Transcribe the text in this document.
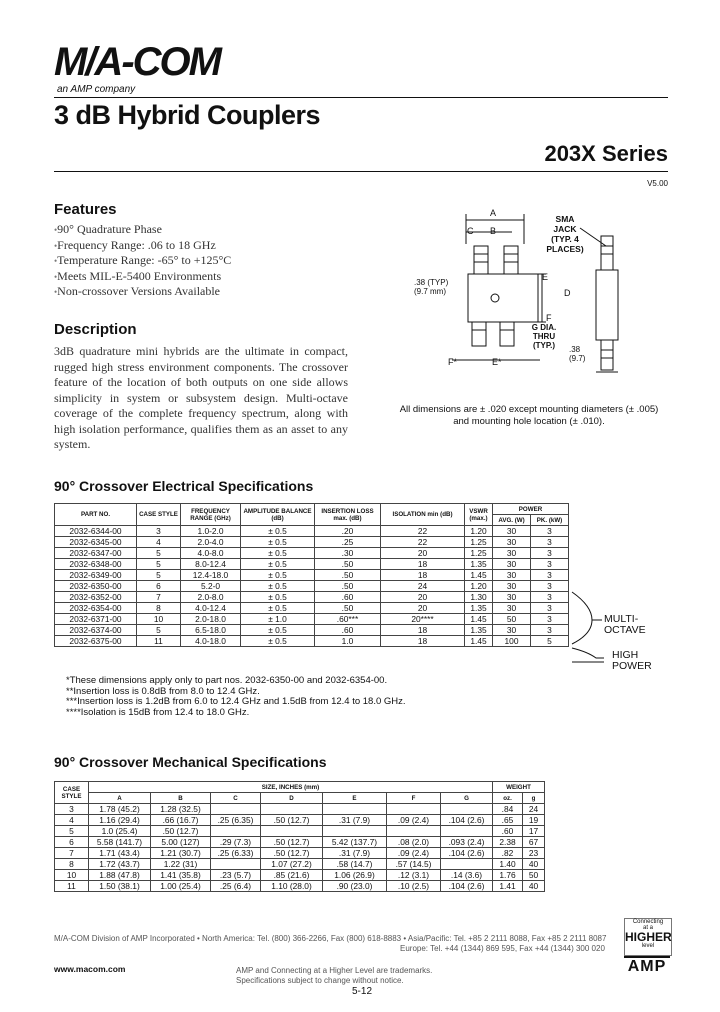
M/A-COM
an AMP company
3 dB Hybrid Couplers
203X Series
V5.00
Features
• 90° Quadrature Phase
• Frequency Range: .06 to 18 GHz
• Temperature Range: -65° to +125°C
• Meets MIL-E-5400 Environments
• Non-crossover Versions Available
Description
3dB quadrature mini hybrids are the ultimate in compact, rugged high stress environment components. The crossover feature of the location of both outputs on one side allows simplicity in system or subsystem design. Multi-octave coverage of the complete frequency spectrum, along with high isolation performance, qualifies them as an asset to any system.
A
C B
SMA
JACK
(TYP. 4
PLACES)
.38 (TYP)
(9.7 mm)
E
D
F
G DIA.
THRU
(TYP.)
F*	E*
.38
(9.7)
All dimensions are ± .020 except mounting diameters (± .005) and mounting hole location (± .010).
90° Crossover Electrical Specifications
PART NO.	CASE STYLE	FREQUENCY RANGE (GHz)	AMPLITUDE BALANCE (dB)	INSERTION LOSS max. (dB)	ISOLATION min (dB)	VSWR (max.)	POWER	
							AVG. (W)	PK. (kW)
2032-6344-00	3	1.0-2.0	± 0.5	.20	22	1.20	30	3
2032-6345-00	4	2.0-4.0	± 0.5	.25	22	1.25	30	3
2032-6347-00	5	4.0-8.0	± 0.5	.30	20	1.25	30	3
2032-6348-00	5	8.0-12.4	± 0.5	.50	18	1.35	30	3
2032-6349-00	5	12.4-18.0	± 0.5	.50	18	1.45	30	3
2032-6350-00	6	5.2-0	± 0.5	.50	24	1.20	30	3
2032-6352-00	7	2.0-8.0	± 0.5	.60	20	1.30	30	3
2032-6354-00	8	4.0-12.4	± 0.5	.50	20	1.35	30	3
2032-6371-00	10	2.0-18.0	± 1.0	.60***	20****	1.45	50	3
2032-6374-00	5	6.5-18.0	± 0.5	.60	18	1.35	30	3
2032-6375-00	11	4.0-18.0	± 0.5	1.0	18	1.45	100	5
MULTI-
OCTAVE
HIGH
POWER
*These dimensions apply only to part nos. 2032-6350-00 and 2032-6354-00.
**Insertion loss is 0.8dB from 8.0 to 12.4 GHz.
***Insertion loss is 1.2dB from 6.0 to 12.4 GHz and 1.5dB from 12.4 to 18.0 GHz.
****Isolation is 15dB from 12.4 to 18.0 GHz.
90° Crossover Mechanical Specifications
CASE STYLE	SIZE, INCHES (mm)							WEIGHT	
	A	B	C	D	E	F	G	oz.	g
3	1.78 (45.2)	1.28 (32.5)						.84	24
4	1.16 (29.4)	.66 (16.7)	.25 (6.35)	.50 (12.7)	.31 (7.9)	.09 (2.4)	.104 (2.6)	.65	19
5	1.0 (25.4)	.50 (12.7)						.60	17
6	5.58 (141.7)	5.00 (127)	.29 (7.3)	.50 (12.7)	5.42 (137.7)	.08 (2.0)	.093 (2.4)	2.38	67
7	1.71 (43.4)	1.21 (30.7)	.25 (6.33)	.50 (12.7)	.31 (7.9)	.09 (2.4)	.104 (2.6)	.82	23
8	1.72 (43.7)	1.22 (31)		1.07 (27.2)	.58 (14.7)	.57 (14.5)		1.40	40
10	1.88 (47.8)	1.41 (35.8)	.23 (5.7)	.85 (21.6)	1.06 (26.9)	.12 (3.1)	.14 (3.6)	1.76	50
11	1.50 (38.1)	1.00 (25.4)	.25 (6.4)	1.10 (28.0)	.90 (23.0)	.10 (2.5)	.104 (2.6)	1.41	40
M/A-COM Division of AMP Incorporated • North America: Tel. (800) 366-2266, Fax (800) 618-8883 • Asia/Pacific: Tel. +85 2 2111 8088, Fax +85 2 2111 8087
Europe: Tel. +44 (1344) 869 595, Fax +44 (1344) 300 020
www.macom.com	AMP and Connecting at a Higher Level are trademarks.
Specifications subject to change without notice.
5-12
Connecting
at a
HIGHER
level
AMP
